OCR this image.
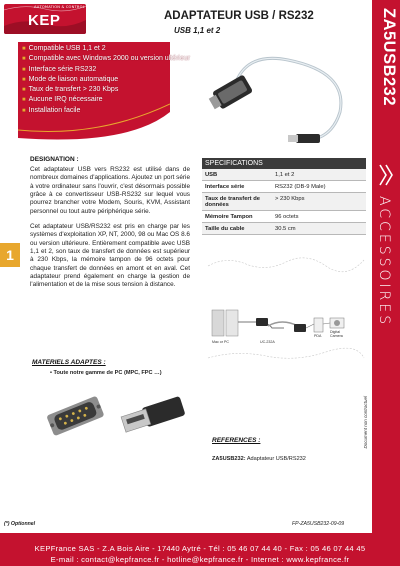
AUTOMATION & CONTROL
KEP	ADAPTATEUR USB / RS232
USB 1,1 et 2	ZA5USB232
ACCESSOIRES
Document non contractuel
■ Compatible USB 1,1 et 2
■ Compatible avec Windows 2000 ou version ultérieur
■ Interface série RS232
■ Mode de liaison automatique
■ Taux de transfert > 230 Kbps
■ Aucune IRQ nécessaire
■ Installation facile
1
DESIGNATION :

Cet adaptateur USB vers RS232 est utilisé dans de nombreux domaines d'applications. Ajoutez un port série à votre ordinateur sans l'ouvrir, c'est désormais possible grâce à ce convertisseur USB-RS232 sur lequel vous pourrez brancher votre Modem, Souris, KVM, Assistant personnel ou tout autre périphérique série.

Cet adaptateur USB/RS232 est pris en charge par les systèmes d'exploitation XP, NT, 2000, 98 ou Mac OS 8.6 ou version ultérieure. Entièrement compatible avec USB 1,1 et 2, son taux de transfert de données est supérieur à 230 Kbps, la mémoire tampon de 96 octets pour chaque transfert de données en amont et en aval. Cet adaptateur prend également en charge la gestion de l'alimentation et de la mise sous tension à distance.

SPECIFICATIONS
USB	1,1 et 2
Interface série	RS232 (DB-9 Male)
Taux de transfert de données	> 230 Kbps
Mémoire Tampon	96 octets
Taille du cable	30.5 cm
Mac or PC	UC-232A
PDA
Digital Camera
MATERIELS ADAPTES :
• Toute notre gamme de PC (MPC, FPC …)
REFERENCES :
ZA5USB232: Adaptateur USB/RS232
(*) Optionnel	FP-ZA5USB232-09-09
KEPFrance SAS - Z.A Bois Aire - 17440 Aytré - Tél : 05 46 07 44 40 - Fax : 05 46 07 44 45
E-mail : contact@kepfrance.fr - hotline@kepfrance.fr - Internet : www.kepfrance.fr
